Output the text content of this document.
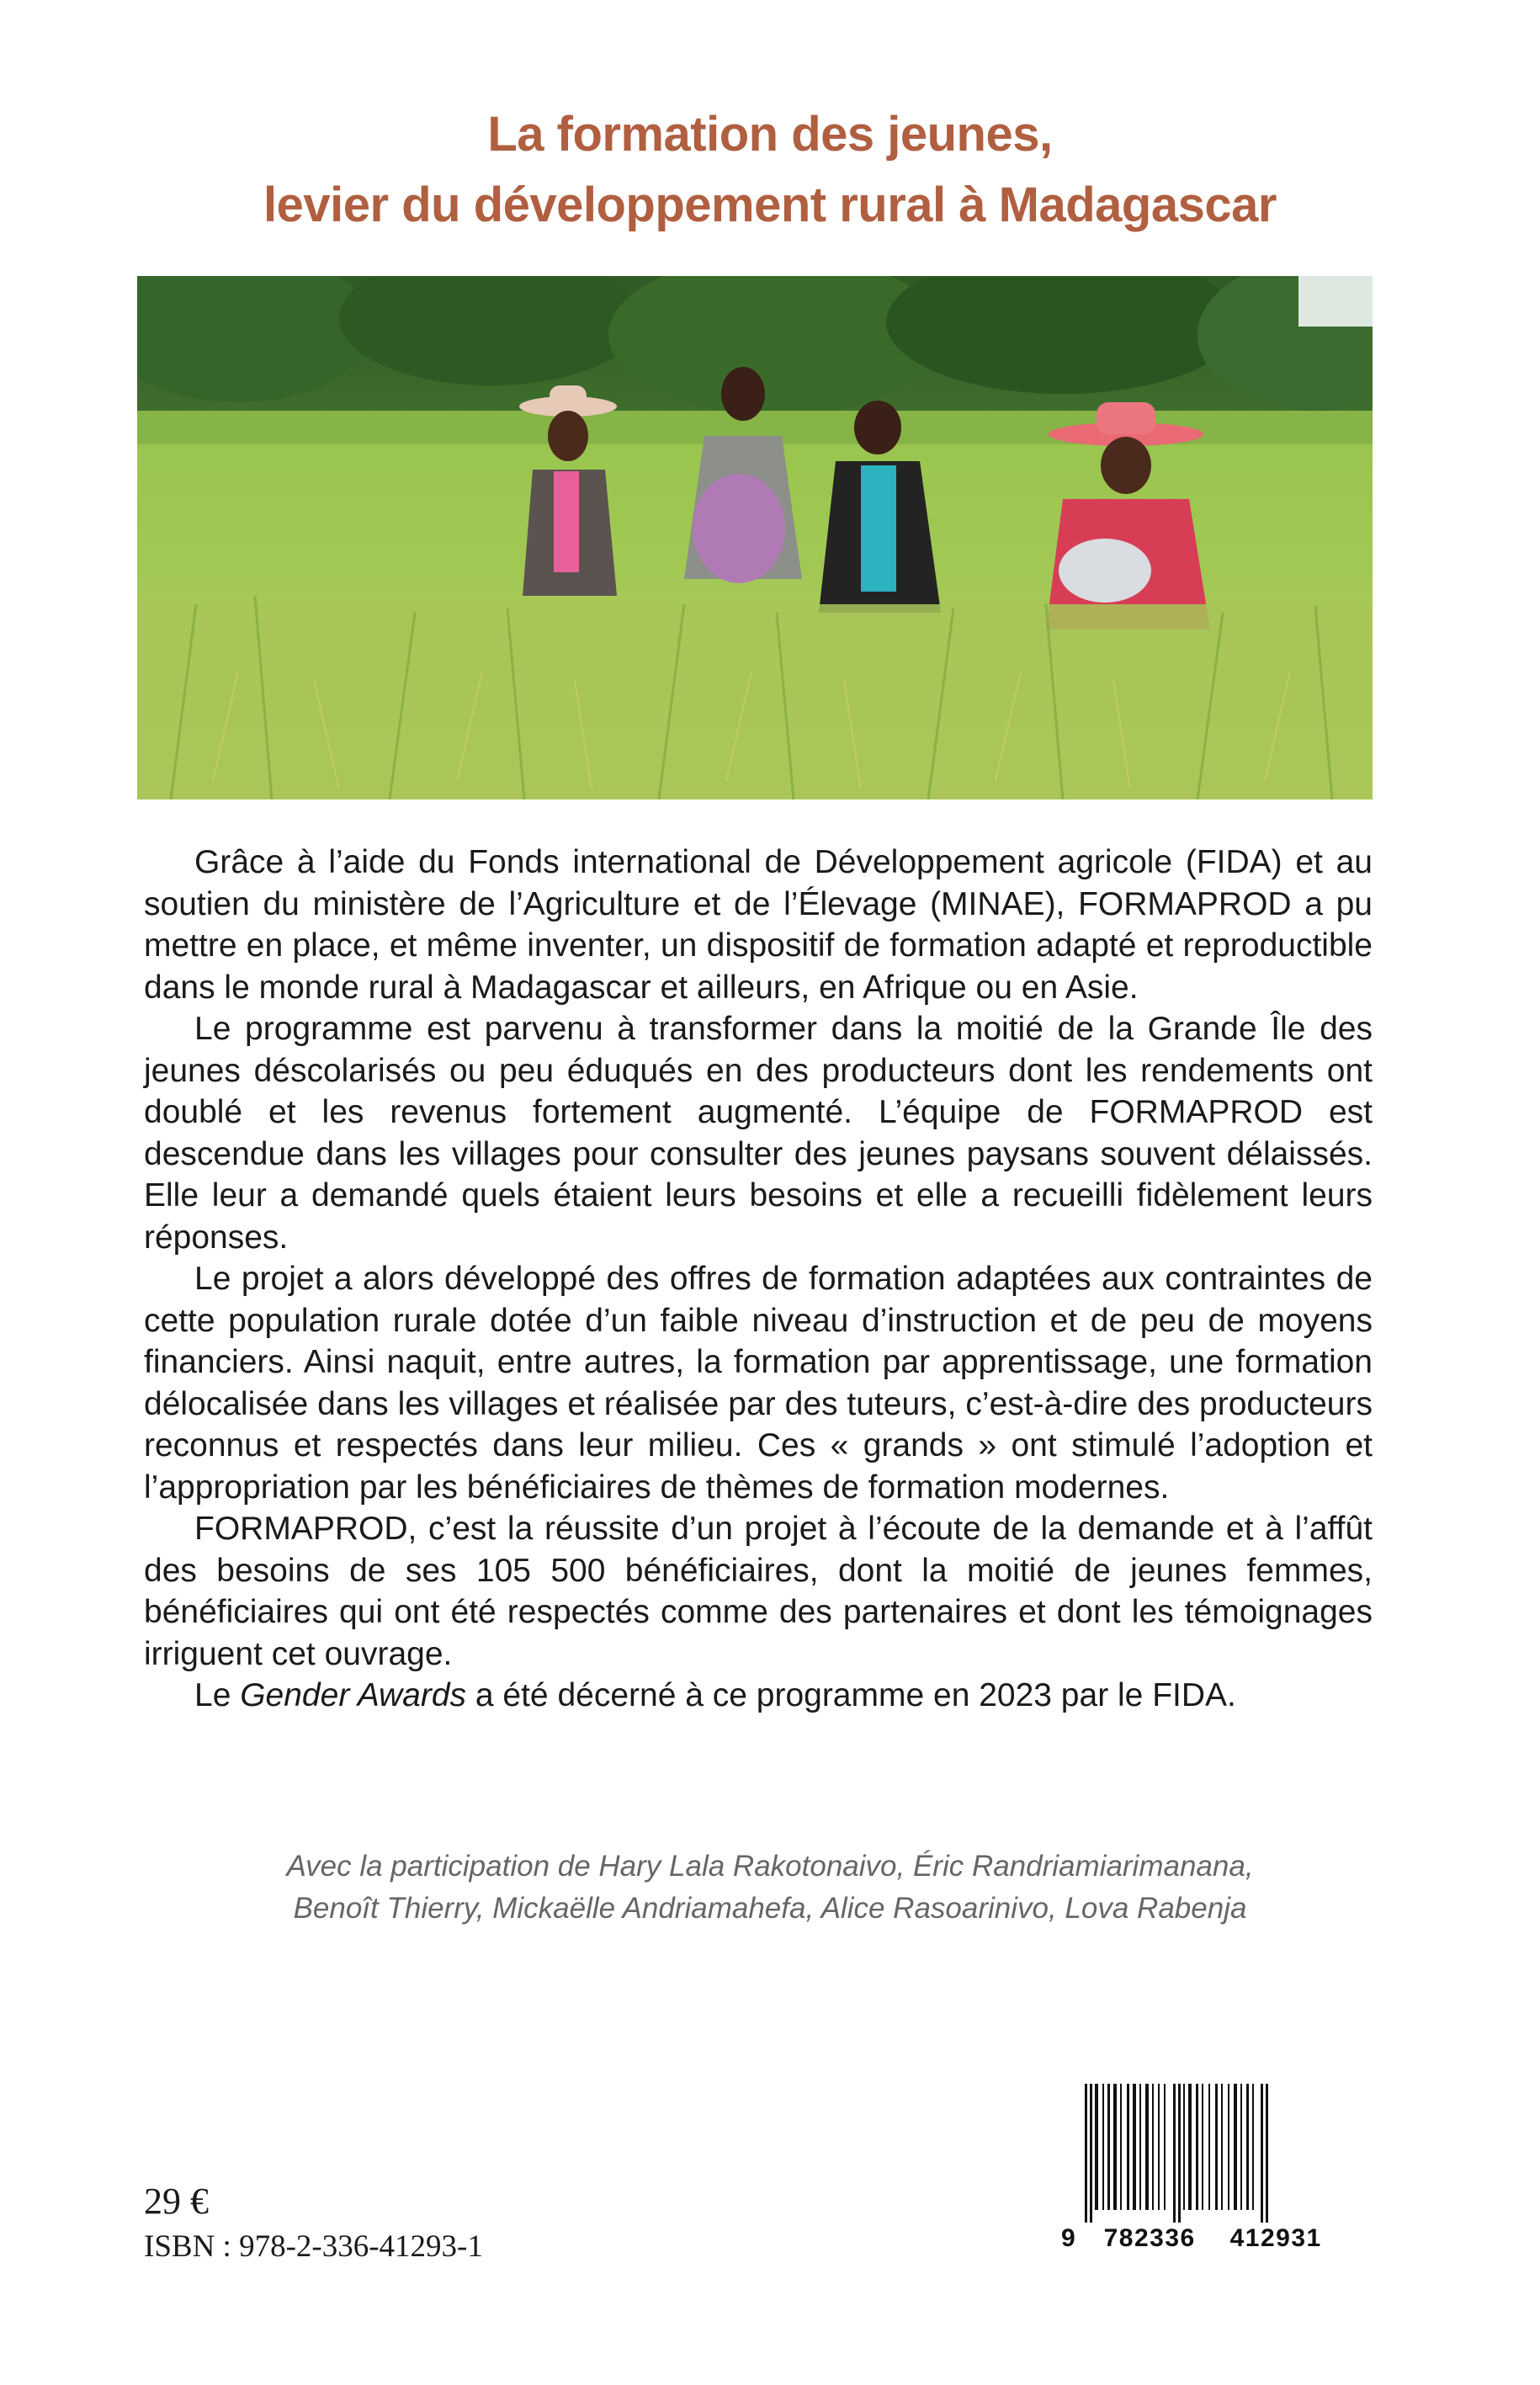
La formation des jeunes,
levier du développement rural à Madagascar

Grâce à l’aide du Fonds international de Développement agricole (FIDA) et au soutien du ministère de l’Agriculture et de l’Élevage (MINAE), FORMAPROD a pu mettre en place, et même inventer, un dispositif de formation adapté et reproductible dans le monde rural à Madagascar et ailleurs, en Afrique ou en Asie.

Le programme est parvenu à transformer dans la moitié de la Grande Île des jeunes déscolarisés ou peu éduqués en des producteurs dont les rendements ont doublé et les revenus fortement augmenté. L’équipe de FORMAPROD est descendue dans les villages pour consulter des jeunes paysans souvent délaissés. Elle leur a demandé quels étaient leurs besoins et elle a recueilli fidèlement leurs réponses.

Le projet a alors développé des offres de formation adaptées aux contraintes de cette population rurale dotée d’un faible niveau d’instruction et de peu de moyens financiers. Ainsi naquit, entre autres, la formation par apprentissage, une formation délocalisée dans les villages et réalisée par des tuteurs, c’est-à-dire des producteurs reconnus et respectés dans leur milieu. Ces « grands » ont stimulé l’adoption et l’appropriation par les bénéficiaires de thèmes de formation modernes.

FORMAPROD, c’est la réussite d’un projet à l’écoute de la demande et à l’affût des besoins de ses 105 500 bénéficiaires, dont la moitié de jeunes femmes, bénéficiaires qui ont été respectés comme des partenaires et dont les témoignages irriguent cet ouvrage.

Le Gender Awards a été décerné à ce programme en 2023 par le FIDA.

Avec la participation de Hary Lala Rakotonaivo, Éric Randriamiarimanana,
Benoît Thierry, Mickaëlle Andriamahefa, Alice Rasoarinivo, Lova Rabenja
29 €
ISBN : 978-2-336-41293-1	9 782336 412931
